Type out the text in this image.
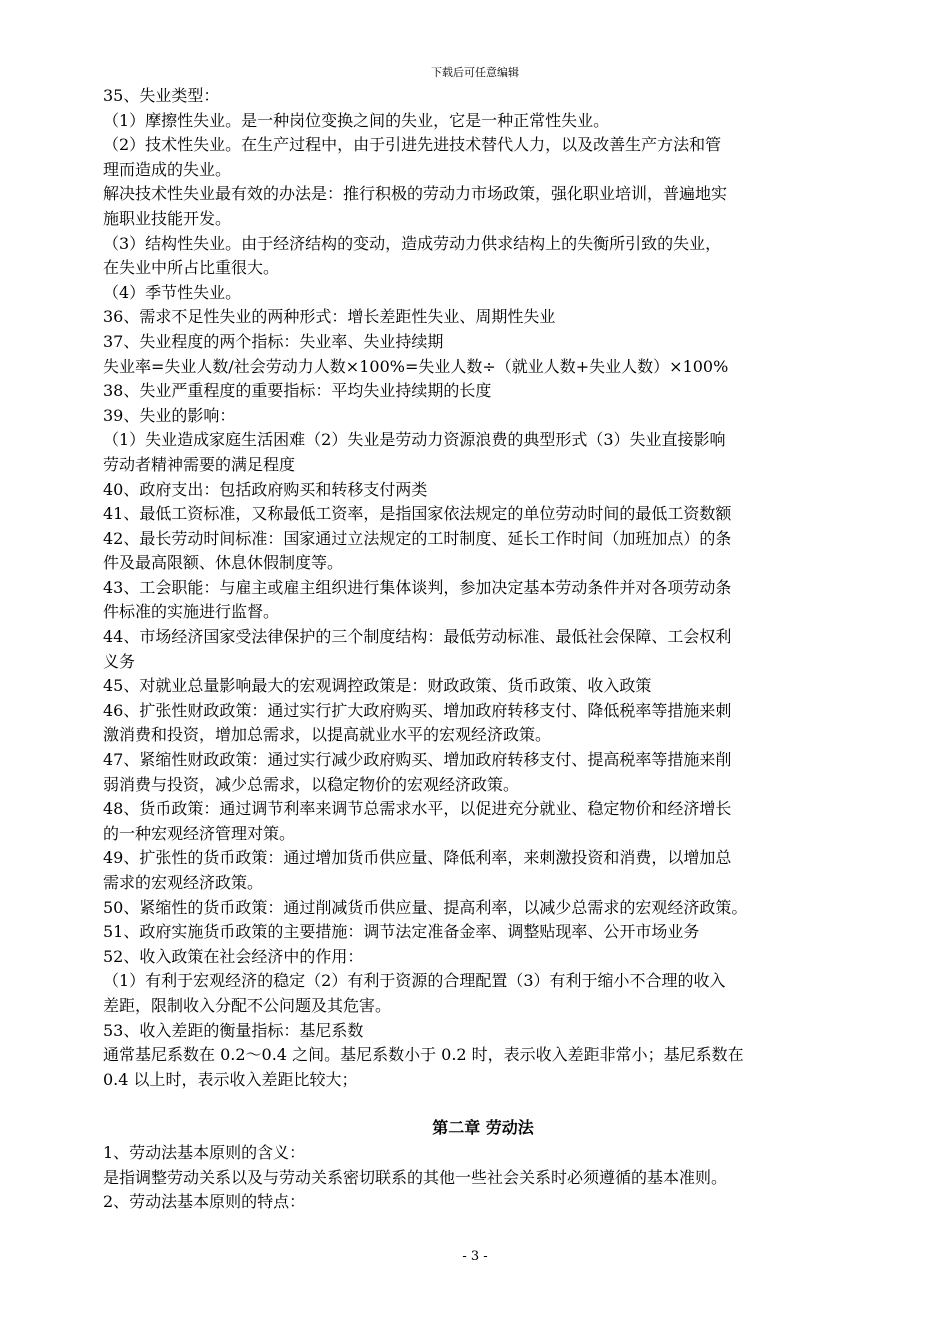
下载后可任意编辑
35、失业类型：
（1）摩擦性失业。是一种岗位变换之间的失业，它是一种正常性失业。
（2）技术性失业。在生产过程中，由于引进先进技术替代人力，以及改善生产方法和管
理而造成的失业。
解决技术性失业最有效的办法是：推行积极的劳动力市场政策，强化职业培训，普遍地实
施职业技能开发。
（3）结构性失业。由于经济结构的变动，造成劳动力供求结构上的失衡所引致的失业，
在失业中所占比重很大。
（4）季节性失业。
36、需求不足性失业的两种形式：增长差距性失业、周期性失业
37、失业程度的两个指标：失业率、失业持续期
失业率=失业人数/社会劳动力人数×100%=失业人数÷（就业人数+失业人数）×100%
38、失业严重程度的重要指标：平均失业持续期的长度
39、失业的影响：
（1）失业造成家庭生活困难（2）失业是劳动力资源浪费的典型形式（3）失业直接影响
劳动者精神需要的满足程度
40、政府支出：包括政府购买和转移支付两类
41、最低工资标准，又称最低工资率，是指国家依法规定的单位劳动时间的最低工资数额
42、最长劳动时间标准：国家通过立法规定的工时制度、延长工作时间（加班加点）的条
件及最高限额、休息休假制度等。
43、工会职能：与雇主或雇主组织进行集体谈判，参加决定基本劳动条件并对各项劳动条
件标准的实施进行监督。
44、市场经济国家受法律保护的三个制度结构：最低劳动标准、最低社会保障、工会权利
义务
45、对就业总量影响最大的宏观调控政策是：财政政策、货币政策、收入政策
46、扩张性财政政策：通过实行扩大政府购买、增加政府转移支付、降低税率等措施来刺
激消费和投资，增加总需求，以提高就业水平的宏观经济政策。
47、紧缩性财政政策：通过实行减少政府购买、增加政府转移支付、提高税率等措施来削
弱消费与投资，减少总需求，以稳定物价的宏观经济政策。
48、货币政策：通过调节利率来调节总需求水平，以促进充分就业、稳定物价和经济增长
的一种宏观经济管理对策。
49、扩张性的货币政策：通过增加货币供应量、降低利率，来刺激投资和消费，以增加总
需求的宏观经济政策。
50、紧缩性的货币政策：通过削减货币供应量、提高利率，以减少总需求的宏观经济政策。
51、政府实施货币政策的主要措施：调节法定准备金率、调整贴现率、公开市场业务
52、收入政策在社会经济中的作用：
（1）有利于宏观经济的稳定（2）有利于资源的合理配置（3）有利于缩小不合理的收入
差距，限制收入分配不公问题及其危害。
53、收入差距的衡量指标：基尼系数
通常基尼系数在 0.2～0.4 之间。基尼系数小于 0.2 时，表示收入差距非常小；基尼系数在
0.4 以上时，表示收入差距比较大；
第二章 劳动法
1、劳动法基本原则的含义：
是指调整劳动关系以及与劳动关系密切联系的其他一些社会关系时必须遵循的基本准则。
2、劳动法基本原则的特点：
- 3 -
